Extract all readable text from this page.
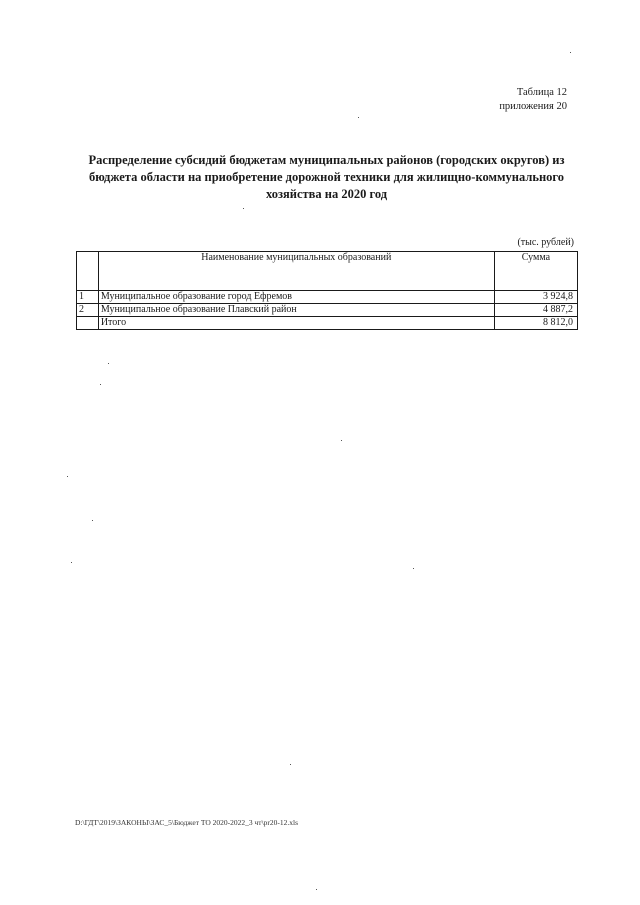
Таблица 12
приложения 20
Распределение субсидий бюджетам муниципальных районов (городских округов) из бюджета области на приобретение дорожной техники для жилищно-коммунального хозяйства на 2020 год
(тыс. рублей)
	Наименование муниципальных образований	Сумма
1	Муниципальное образование город Ефремов	3 924,8
2	Муниципальное образование Плавский район	4 887,2
	Итого	8 812,0
D:\ГДТ\2019\ЗАКОНЫ\ЗАС_5\Бюджет ТО 2020-2022_3 чт\pr20-12.xls
